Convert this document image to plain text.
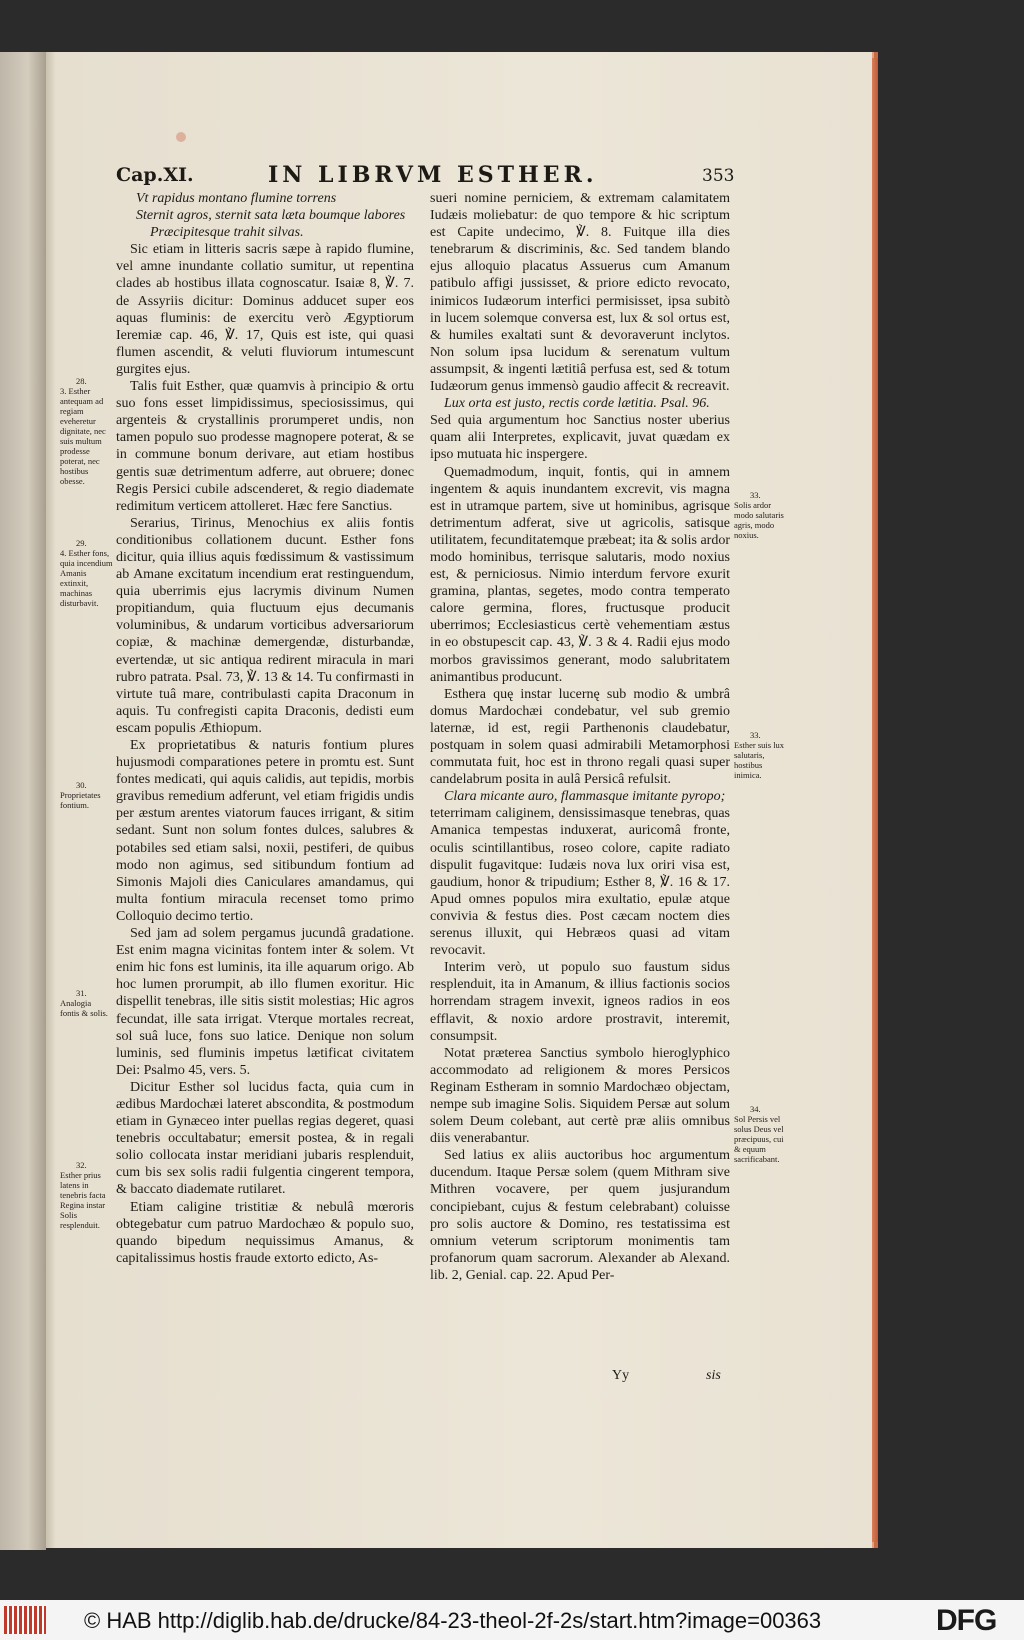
Cap.XI.	IN LIBRVM ESTHER.	353

Vt rapidus montano flumine torrens

Sternit agros, sternit sata læta boumque labores

Præcipitesque trahit silvas.

Sic etiam in litteris sacris sæpe à rapido flumine, vel amne inundante collatio sumitur, ut repentina clades ab hostibus illata cognoscatur. Isaiæ 8, ℣. 7. de Assyriis dicitur: Dominus adducet super eos aquas fluminis: de exercitu verò Ægyptiorum Ieremiæ cap. 46, ℣. 17, Quis est iste, qui quasi flumen ascendit, & veluti fluviorum intumescunt gurgites ejus.

Talis fuit Esther, quæ quamvis à principio & ortu suo fons esset limpidissimus, speciosissimus, qui argenteis & crystallinis prorumperet undis, non tamen populo suo prodesse magnopere poterat, & se in commune bonum derivare, aut etiam hostibus gentis suæ detrimentum adferre, aut obruere; donec Regis Persici cubile adscenderet, & regio diademate redimitum verticem attolleret. Hæc fere Sanctius.

Serarius, Tirinus, Menochius ex aliis fontis conditionibus collationem ducunt. Esther fons dicitur, quia illius aquis fœdissimum & vastissimum ab Amane excitatum incendium erat restinguendum, quia uberrimis ejus lacrymis divinum Numen propitiandum, quia fluctuum ejus decumanis voluminibus, & undarum vorticibus adversariorum copiæ, & machinæ demergendæ, disturbandæ, evertendæ, ut sic antiqua redirent miracula in mari rubro patrata. Psal. 73, ℣. 13 & 14. Tu confirmasti in virtute tuâ mare, contribulasti capita Draconum in aquis. Tu confregisti capita Draconis, dedisti eum escam populis Æthiopum.

Ex proprietatibus & naturis fontium plures hujusmodi comparationes petere in promtu est. Sunt fontes medicati, qui aquis calidis, aut tepidis, morbis gravibus remedium adferunt, vel etiam frigidis undis per æstum arentes viatorum fauces irrigant, & sitim sedant. Sunt non solum fontes dulces, salubres & potabiles sed etiam salsi, noxii, pestiferi, de quibus modo non agimus, sed sitibundum fontium ad Simonis Majoli dies Caniculares amandamus, qui multa fontium miracula recenset tomo primo Colloquio decimo tertio.

Sed jam ad solem pergamus jucundâ gradatione. Est enim magna vicinitas fontem inter & solem. Vt enim hic fons est luminis, ita ille aquarum origo. Ab hoc lumen prorumpit, ab illo flumen exoritur. Hic dispellit tenebras, ille sitis sistit molestias; Hic agros fecundat, ille sata irrigat. Vterque mortales recreat, sol suâ luce, fons suo latice. Denique non solum luminis, sed fluminis impetus lætificat civitatem Dei: Psalmo 45, vers. 5.

Dicitur Esther sol lucidus facta, quia cum in ædibus Mardochæi lateret abscondita, & postmodum etiam in Gynæceo inter puellas regias degeret, quasi tenebris occultabatur; emersit postea, & in regali solio collocata instar meridiani jubaris resplenduit, cum bis sex solis radii fulgentia cingerent tempora, & baccato diademate rutilaret.

Etiam caligine tristitiæ & nebulâ mœroris obtegebatur cum patruo Mardochæo & populo suo, quando bipedum nequissimus Amanus, & capitalissimus hostis fraude extorto edicto, As-

sueri nomine perniciem, & extremam calamitatem Iudæis moliebatur: de quo tempore & hic scriptum est Capite undecimo, ℣. 8. Fuitque illa dies tenebrarum & discriminis, &c. Sed tandem blando ejus alloquio placatus Assuerus cum Amanum patibulo affigi jussisset, & priore edicto revocato, inimicos Iudæorum interfici permisisset, ipsa subitò in lucem solemque conversa est, lux & sol ortus est, & humiles exaltati sunt & devoraverunt inclytos. Non solum ipsa lucidum & serenatum vultum assumpsit, & ingenti lætitiâ perfusa est, sed & totum Iudæorum genus immensò gaudio affecit & recreavit.

Lux orta est justo, rectis corde lætitia. Psal. 96.

Sed quia argumentum hoc Sanctius noster uberius quam alii Interpretes, explicavit, juvat quædam ex ipso mutuata hic inspergere.

Quemadmodum, inquit, fontis, qui in amnem ingentem & aquis inundantem excrevit, vis magna est in utramque partem, sive ut hominibus, agrisque detrimentum adferat, sive ut agricolis, satisque utilitatem, fecunditatemque præbeat; ita & solis ardor modo hominibus, terrisque salutaris, modo noxius est, & perniciosus. Nimio interdum fervore exurit gramina, plantas, segetes, modo contra temperato calore germina, flores, fructusque producit uberrimos; Ecclesiasticus certè vehementiam æstus in eo obstupescit cap. 43, ℣. 3 & 4. Radii ejus modo morbos gravissimos generant, modo salubritatem animantibus producunt.

Esthera quę instar lucernę sub modio & umbrâ domus Mardochæi condebatur, vel sub gremio laternæ, id est, regii Parthenonis claudebatur, postquam in solem quasi admirabili Metamorphosi commutata fuit, hoc est in throno regali quasi super candelabrum posita in aulâ Persicâ refulsit.

Clara micante auro, flammasque imitante pyropo;

teterrimam caliginem, densissimasque tenebras, quas Amanica tempestas induxerat, auricomâ fronte, oculis scintillantibus, roseo colore, capite radiato dispulit fugavitque: Iudæis nova lux oriri visa est, gaudium, honor & tripudium; Esther 8, ℣. 16 & 17. Apud omnes populos mira exultatio, epulæ atque convivia & festus dies. Post cæcam noctem dies serenus illuxit, qui Hebræos quasi ad vitam revocavit.

Interim verò, ut populo suo faustum sidus resplenduit, ita in Amanum, & illius factionis socios horrendam stragem invexit, igneos radios in eos efflavit, & noxio ardore prostravit, interemit, consumpsit.

Notat præterea Sanctius symbolo hieroglyphico accommodato ad religionem & mores Persicos Reginam Estheram in somnio Mardochæo objectam, nempe sub imagine Solis. Siquidem Persæ aut solum solem Deum colebant, aut certè præ aliis omnibus diis venerabantur.

Sed latius ex aliis auctoribus hoc argumentum ducendum. Itaque Persæ solem (quem Mithram sive Mithren vocavere, per quem jusjurandum concipiebant, cujus & festum celebrabant) coluisse pro solis auctore & Domino, res testatissima est omnium veterum scriptorum monimentis tam profanorum quam sacrorum. Alexander ab Alexand. lib. 2, Genial. cap. 22. Apud Per-

28.
3. Esther antequam ad regiam eveheretur dignitate, nec suis multum prodesse poterat, nec hostibus obesse.
29.
4. Esther fons, quia incendium Amanis extinxit, machinas disturbavit.
30.
Proprietates fontium.
31.
Analogia fontis & solis.
32.
Esther prius latens in tenebris facta Regina instar Solis resplenduit.
33.
Solis ardor modo salutaris agris, modo noxius.
33.
Esther suis lux salutaris, hostibus inimica.
34.
Sol Persis vel solus Deus vel præcipuus, cui & equum sacrificabant.
Yy	sis
© HAB http://diglib.hab.de/drucke/84-23-theol-2f-2s/start.htm?image=00363	DFG
